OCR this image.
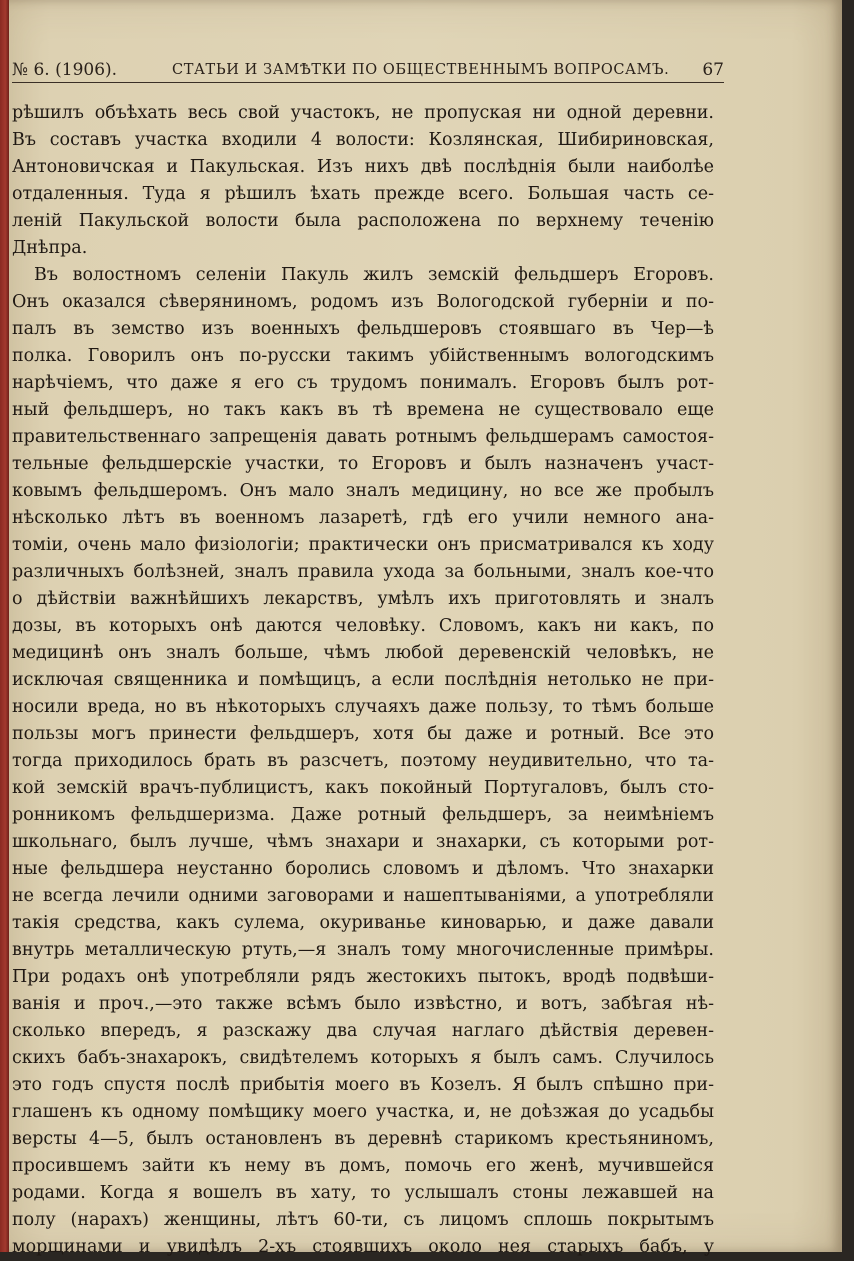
№ 6. (1906).	СТАТЬИ И ЗАМѢТКИ ПО ОБЩЕСТВЕННЫМЪ ВОПРОСАМЪ. 67
рѣшилъ объѣхать весь свой участокъ, не пропуская ни одной деревни.
Въ составъ участка входили 4 волости: Козлянская, Шибириновская,
Антоновичская и Пакульская. Изъ нихъ двѣ послѣднія были наиболѣе
отдаленныя. Туда я рѣшилъ ѣхать прежде всего. Большая часть се-
леній Пакульской волости была расположена по верхнему теченію
Днѣпра.
Въ волостномъ селеніи Пакуль жилъ земскій фельдшеръ Егоровъ.
Онъ оказался сѣверяниномъ, родомъ изъ Вологодской губерніи и по-
палъ въ земство изъ военныхъ фельдшеровъ стоявшаго въ Чер—ѣ
полка. Говорилъ онъ по-русски такимъ убійственнымъ вологодскимъ
нарѣчіемъ, что даже я его съ трудомъ понималъ. Егоровъ былъ рот-
ный фельдшеръ, но такъ какъ въ тѣ времена не существовало еще
правительственнаго запрещенія давать ротнымъ фельдшерамъ самостоя-
тельные фельдшерскіе участки, то Егоровъ и былъ назначенъ участ-
ковымъ фельдшеромъ. Онъ мало зналъ медицину, но все же пробылъ
нѣсколько лѣтъ въ военномъ лазаретѣ, гдѣ его учили немного ана-
томіи, очень мало физіологіи; практически онъ присматривался къ ходу
различныхъ болѣзней, зналъ правила ухода за больными, зналъ кое-что
о дѣйствіи важнѣйшихъ лекарствъ, умѣлъ ихъ приготовлять и зналъ
дозы, въ которыхъ онѣ даются человѣку. Словомъ, какъ ни какъ, по
медицинѣ онъ зналъ больше, чѣмъ любой деревенскій человѣкъ, не
исключая священника и помѣщицъ, а если послѣднія нетолько не при-
носили вреда, но въ нѣкоторыхъ случаяхъ даже пользу, то тѣмъ больше
пользы могъ принести фельдшеръ, хотя бы даже и ротный. Все это
тогда приходилось брать въ разсчетъ, поэтому неудивительно, что та-
кой земскій врачъ-публицистъ, какъ покойный Португаловъ, былъ сто-
ронникомъ фельдшеризма. Даже ротный фельдшеръ, за неимѣніемъ
школьнаго, былъ лучше, чѣмъ знахари и знахарки, съ которыми рот-
ные фельдшера неустанно боролись словомъ и дѣломъ. Что знахарки
не всегда лечили одними заговорами и нашептываніями, а употребляли
такія средства, какъ сулема, окуриванье киноварью, и даже давали
внутрь металлическую ртуть,—я зналъ тому многочисленные примѣры.
При родахъ онѣ употребляли рядъ жестокихъ пытокъ, вродѣ подвѣши-
ванія и проч.,—это также всѣмъ было извѣстно, и вотъ, забѣгая нѣ-
сколько впередъ, я разскажу два случая наглаго дѣйствія деревен-
скихъ бабъ-знахарокъ, свидѣтелемъ которыхъ я былъ самъ. Случилось
это годъ спустя послѣ прибытія моего въ Козелъ. Я былъ спѣшно при-
глашенъ къ одному помѣщику моего участка, и, не доѣзжая до усадьбы
версты 4—5, былъ остановленъ въ деревнѣ старикомъ крестьяниномъ,
просившемъ зайти къ нему въ домъ, помочь его женѣ, мучившейся
родами. Когда я вошелъ въ хату, то услышалъ стоны лежавшей на
полу (нарахъ) женщины, лѣтъ 60-ти, съ лицомъ сплошь покрытымъ
морщинами и увидѣлъ 2-хъ стоявшихъ около нея старыхъ бабъ, у
